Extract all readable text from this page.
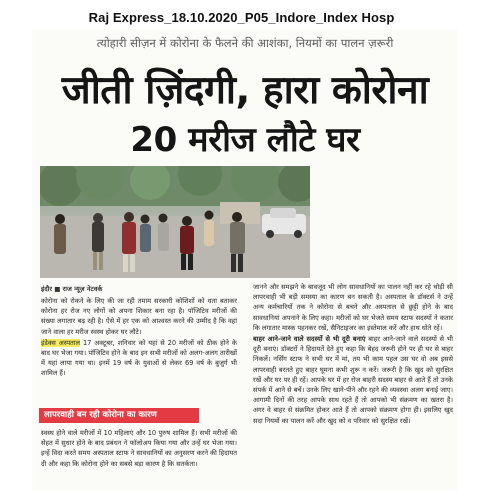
Raj Express_18.10.2020_P05_Indore_Index Hosp
त्योहारी सीज़न में कोरोना के फैलने की आशंका, नियमों का पालन ज़रूरी
जीती ज़िंदगी, हारा कोरोना
20 मरीज लौटे घर
इंदौर ■ राज न्यूज़ नेटवर्क

कोरोना को रोकने के लिए की जा रही तमाम सरकारी कोशिशों को धता बताकर कोरोना हर रोज नए लोगों को अपना शिकार बना रहा है। पॉजिटिव मरीजों की संख्या लगातार बढ़ रही है। ऐसे में हर एक को आश्वस्त करने की उम्मीद है कि वहां जाने वाला हर मरीज स्वस्थ होकर घर लौटे।

इंडेक्स अस्पताल 17 अक्टूबर, शनिवार को यहां से 20 मरीजों को ठीक होने के बाद घर भेजा गया। पॉजिटिव होने के बाद इन सभी मरीजों को अलग-अलग तारीखों में यहां लाया गया था। इनमें 19 वर्ष के युवाओं से लेकर 69 वर्ष के बुजुर्ग भी शामिल हैं।

लापरवाही बन रही कोरोना का कारण

स्वस्थ होने वाले मरीजों में 10 महिलाएं और 10 पुरुष शामिल हैं। सभी मरीजों की सेहत में सुधार होने के बाद प्रबंधन ने फॉलोअप किया गया और उन्हें घर भेजा गया। इन्हें विदा करते समय अस्पताल स्टाफ ने सावधानियों का अनुसरण करने की हिदायत दी और कहा कि कोरोना होने का सबसे बड़ा कारण है कि सतर्कता।

जानने और समझने के बावजूद भी लोग सावधानियों का पालन नहीं कर रहे थोड़ी सी लापरवाही भी बड़ी समस्या का कारण बन सकती है। अस्पताल के डॉक्टर्स ने उन्हें अन्य कर्मचारियों तक ने कोरोना से बचने और अस्पताल से छुट्टी होने के बाद सावधानियां अपनाने के लिए कहा। मरीजों को घर भेजते समय स्टाफ सदस्यों ने कतार कि लगातार मास्क पहनकर रखें, सैनिटाइजर का इस्तेमाल करें और हाथ धोते रहें।

बाहर आने-जाने वाले सदस्यों से भी दूरी बनाएं बाहर आने-जाने वाले सदस्यों से भी दूरी बनाएं। डॉक्टरों ने हिदायतें देते हुए कहा कि बेहद जरूरी होने पर ही घर से बाहर निकलें। नर्सिंग स्टाफ ने सभी घर में मां, तय भी काम पहल उस घर वो अब इससे लापरवाही बरतते हुए बाहर घूमना कभी शुरू न करें। जरूरी है कि खुद को सुरक्षित रखें और घर पर ही रहें। आपके घर में हर रोज बाहरी सदस्य बाहर से आते हैं तो उनके संपर्क में आने से बचें। उनके लिए खाने-पीने और रहने की व्यवस्था अलग बनाई जाए। आगामी दिनों की तरह आपके साथ रहते हैं तो आपको भी संक्रमण का खतरा है। अगर वे बाहर से संक्रमित होकर आते हैं तो आपको संक्रमण होगा ही। इसलिए खुद सदा नियमों का पालन करें और खुद को व परिवार को सुरक्षित रखें।
